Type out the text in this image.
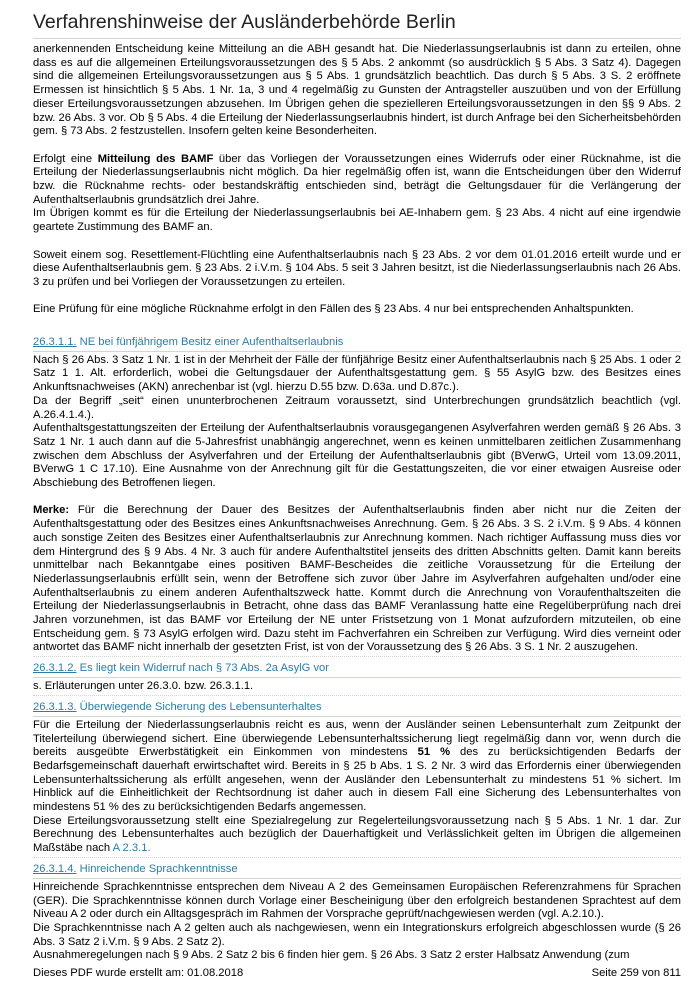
Verfahrenshinweise der Ausländerbehörde Berlin

anerkennenden Entscheidung keine Mitteilung an die ABH gesandt hat. Die Niederlassungserlaubnis ist dann zu erteilen, ohne dass es auf die allgemeinen Erteilungsvoraussetzungen des § 5 Abs. 2 ankommt (so ausdrücklich § 5 Abs. 3 Satz 4). Dagegen sind die allgemeinen Erteilungsvoraussetzungen aus § 5 Abs. 1 grundsätzlich beachtlich. Das durch § 5 Abs. 3 S. 2 eröffnete Ermessen ist hinsichtlich § 5 Abs. 1 Nr. 1a, 3 und 4 regelmäßig zu Gunsten der Antragsteller auszuüben und von der Erfüllung dieser Erteilungsvoraussetzungen abzusehen. Im Übrigen gehen die spezielleren Erteilungsvoraussetzungen in den §§ 9 Abs. 2 bzw. 26 Abs. 3 vor. Ob § 5 Abs. 4 die Erteilung der Niederlassungserlaubnis hindert, ist durch Anfrage bei den Sicherheitsbehörden gem. § 73 Abs. 2 festzustellen. Insofern gelten keine Besonderheiten.

Erfolgt eine Mitteilung des BAMF über das Vorliegen der Voraussetzungen eines Widerrufs oder einer Rücknahme, ist die Erteilung der Niederlassungserlaubnis nicht möglich. Da hier regelmäßig offen ist, wann die Entscheidungen über den Widerruf bzw. die Rücknahme rechts- oder bestandskräftig entschieden sind, beträgt die Geltungsdauer für die Verlängerung der Aufenthaltserlaubnis grundsätzlich drei Jahre.

Im Übrigen kommt es für die Erteilung der Niederlassungserlaubnis bei AE-Inhabern gem. § 23 Abs. 4 nicht auf eine irgendwie geartete Zustimmung des BAMF an.

Soweit einem sog. Resettlement-Flüchtling eine Aufenthaltserlaubnis nach § 23 Abs. 2 vor dem 01.01.2016 erteilt wurde und er diese Aufenthaltserlaubnis gem. § 23 Abs. 2 i.V.m. § 104 Abs. 5 seit 3 Jahren besitzt, ist die Niederlassungserlaubnis nach 26 Abs. 3 zu prüfen und bei Vorliegen der Voraussetzungen zu erteilen.

Eine Prüfung für eine mögliche Rücknahme erfolgt in den Fällen des § 23 Abs. 4 nur bei entsprechenden Anhaltspunkten.

26.3.1.1. NE bei fünfjährigem Besitz einer Aufenthaltserlaubnis

Nach § 26 Abs. 3 Satz 1 Nr. 1 ist in der Mehrheit der Fälle der fünfjährige Besitz einer Aufenthaltserlaubnis nach § 25 Abs. 1 oder 2 Satz 1 1. Alt. erforderlich, wobei die Geltungsdauer der Aufenthaltsgestattung gem. § 55 AsylG bzw. des Besitzes eines Ankunftsnachweises (AKN) anrechenbar ist (vgl. hierzu D.55 bzw. D.63a. und D.87c.).

Da der Begriff „seit“ einen ununterbrochenen Zeitraum voraussetzt, sind Unterbrechungen grundsätzlich beachtlich (vgl. A.26.4.1.4.).

Aufenthaltsgestattungszeiten der Erteilung der Aufenthaltserlaubnis vorausgegangenen Asylverfahren werden gemäß § 26 Abs. 3 Satz 1 Nr. 1 auch dann auf die 5-Jahresfrist unabhängig angerechnet, wenn es keinen unmittelbaren zeitlichen Zusammenhang zwischen dem Abschluss der Asylverfahren und der Erteilung der Aufenthaltserlaubnis gibt (BVerwG, Urteil vom 13.09.2011, BVerwG 1 C 17.10). Eine Ausnahme von der Anrechnung gilt für die Gestattungszeiten, die vor einer etwaigen Ausreise oder Abschiebung des Betroffenen liegen.

Merke: Für die Berechnung der Dauer des Besitzes der Aufenthaltserlaubnis finden aber nicht nur die Zeiten der Aufenthaltsgestattung oder des Besitzes eines Ankunftsnachweises Anrechnung. Gem. § 26 Abs. 3 S. 2 i.V.m. § 9 Abs. 4 können auch sonstige Zeiten des Besitzes einer Aufenthaltserlaubnis zur Anrechnung kommen. Nach richtiger Auffassung muss dies vor dem Hintergrund des § 9 Abs. 4 Nr. 3 auch für andere Aufenthaltstitel jenseits des dritten Abschnitts gelten. Damit kann bereits unmittelbar nach Bekanntgabe eines positiven BAMF-Bescheides die zeitliche Voraussetzung für die Erteilung der Niederlassungserlaubnis erfüllt sein, wenn der Betroffene sich zuvor über Jahre im Asylverfahren aufgehalten und/oder eine Aufenthaltserlaubnis zu einem anderen Aufenthaltszweck hatte. Kommt durch die Anrechnung von Voraufenthaltszeiten die Erteilung der Niederlassungserlaubnis in Betracht, ohne dass das BAMF Veranlassung hatte eine Regelüberprüfung nach drei Jahren vorzunehmen, ist das BAMF vor Erteilung der NE unter Fristsetzung von 1 Monat aufzufordern mitzuteilen, ob eine Entscheidung gem. § 73 AsylG erfolgen wird. Dazu steht im Fachverfahren ein Schreiben zur Verfügung. Wird dies verneint oder antwortet das BAMF nicht innerhalb der gesetzten Frist, ist von der Voraussetzung des § 26 Abs. 3 S. 1 Nr. 2 auszugehen.

26.3.1.2. Es liegt kein Widerruf nach § 73 Abs. 2a AsylG vor

s. Erläuterungen unter 26.3.0. bzw. 26.3.1.1.

26.3.1.3. Überwiegende Sicherung des Lebensunterhaltes

Für die Erteilung der Niederlassungserlaubnis reicht es aus, wenn der Ausländer seinen Lebensunterhalt zum Zeitpunkt der Titelerteilung überwiegend sichert. Eine überwiegende Lebensunterhaltssicherung liegt regelmäßig dann vor, wenn durch die bereits ausgeübte Erwerbstätigkeit ein Einkommen von mindestens 51 % des zu berücksichtigenden Bedarfs der Bedarfsgemeinschaft dauerhaft erwirtschaftet wird. Bereits in § 25 b Abs. 1 S. 2 Nr. 3 wird das Erfordernis einer überwiegenden Lebensunterhaltssicherung als erfüllt angesehen, wenn der Ausländer den Lebensunterhalt zu mindestens 51 % sichert. Im Hinblick auf die Einheitlichkeit der Rechtsordnung ist daher auch in diesem Fall eine Sicherung des Lebensunterhaltes von mindestens 51 % des zu berücksichtigenden Bedarfs angemessen.

Diese Erteilungsvoraussetzung stellt eine Spezialregelung zur Regelerteilungsvoraussetzung nach § 5 Abs. 1 Nr. 1 dar. Zur Berechnung des Lebensunterhaltes auch bezüglich der Dauerhaftigkeit und Verlässlichkeit gelten im Übrigen die allgemeinen Maßstäbe nach A 2.3.1.

26.3.1.4. Hinreichende Sprachkenntnisse

Hinreichende Sprachkenntnisse entsprechen dem Niveau A 2 des Gemeinsamen Europäischen Referenzrahmens für Sprachen (GER). Die Sprachkenntnisse können durch Vorlage einer Bescheinigung über den erfolgreich bestandenen Sprachtest auf dem Niveau A 2 oder durch ein Alltagsgespräch im Rahmen der Vorsprache geprüft/nachgewiesen werden (vgl. A.2.10.).

Die Sprachkenntnisse nach A 2 gelten auch als nachgewiesen, wenn ein Integrationskurs erfolgreich abgeschlossen wurde (§ 26 Abs. 3 Satz 2 i.V.m. § 9 Abs. 2 Satz 2).

Ausnahmeregelungen nach § 9 Abs. 2 Satz 2 bis 6 finden hier gem. § 26 Abs. 3 Satz 2 erster Halbsatz Anwendung (zum

Dieses PDF wurde erstellt am: 01.08.2018	Seite 259 von 811
